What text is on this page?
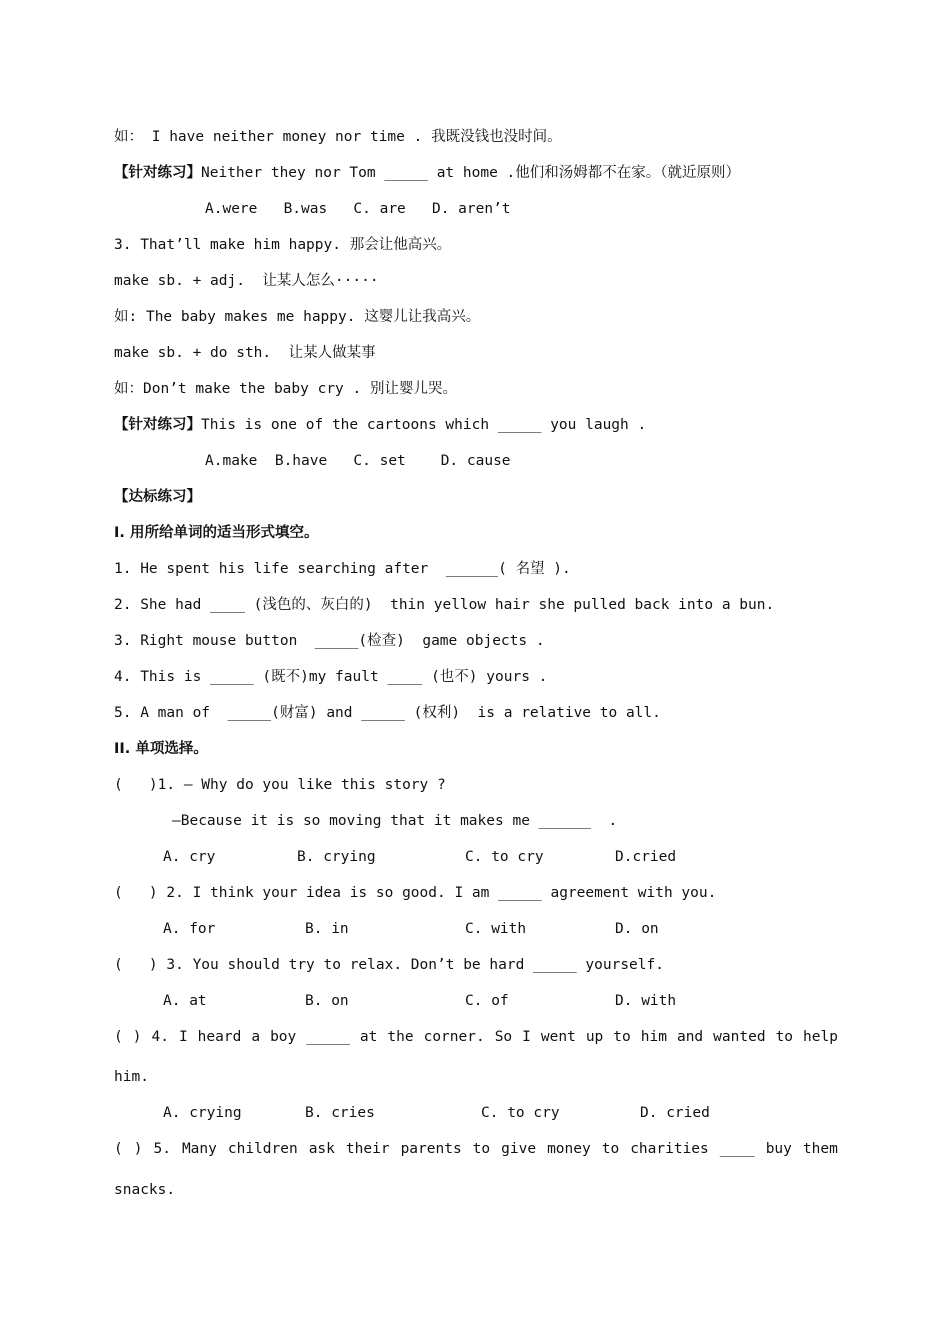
如： I have neither money nor time . 我既没钱也没时间。
【针对练习】Neither they nor Tom _____ at home .他们和汤姆都不在家。（就近原则）
A.were   B.was   C. are   D. aren’t
3. That’ll make him happy. 那会让他高兴。
make sb. + adj.  让某人怎么·····
如: The baby makes me happy. 这婴儿让我高兴。
make sb. + do sth.  让某人做某事
如：Don’t make the baby cry . 别让婴儿哭。
【针对练习】This is one of the cartoons which _____ you laugh .
A.make  B.have   C. set    D. cause
【达标练习】
I. 用所给单词的适当形式填空。
1. He spent his life searching after  ______( 名望 ).
2. She had ____ (浅色的、灰白的)  thin yellow hair she pulled back into a bun.
3. Right mouse button  _____(检查)  game objects .
4. This is _____ (既不)my fault ____ (也不) yours .
5. A man of  _____(财富) and _____ (权利)  is a relative to all.
II. 单项选择。
(   )1. — Why do you like this story ?
—Because it is so moving that it makes me ______  .
A. cry	B. crying	C. to cry	D.cried
(   ) 2. I think your idea is so good. I am _____ agreement with you.
A. for	B. in	C. with	D. on
(   ) 3. You should try to relax. Don’t be hard _____ yourself.
A. at	B. on	C. of	D. with
( ) 4. I heard a boy _____ at the corner. So I went up to him and wanted to help
him.
A. crying	B. cries	C. to cry	D. cried
( ) 5. Many children ask their parents to give money to charities ____ buy them
snacks.
